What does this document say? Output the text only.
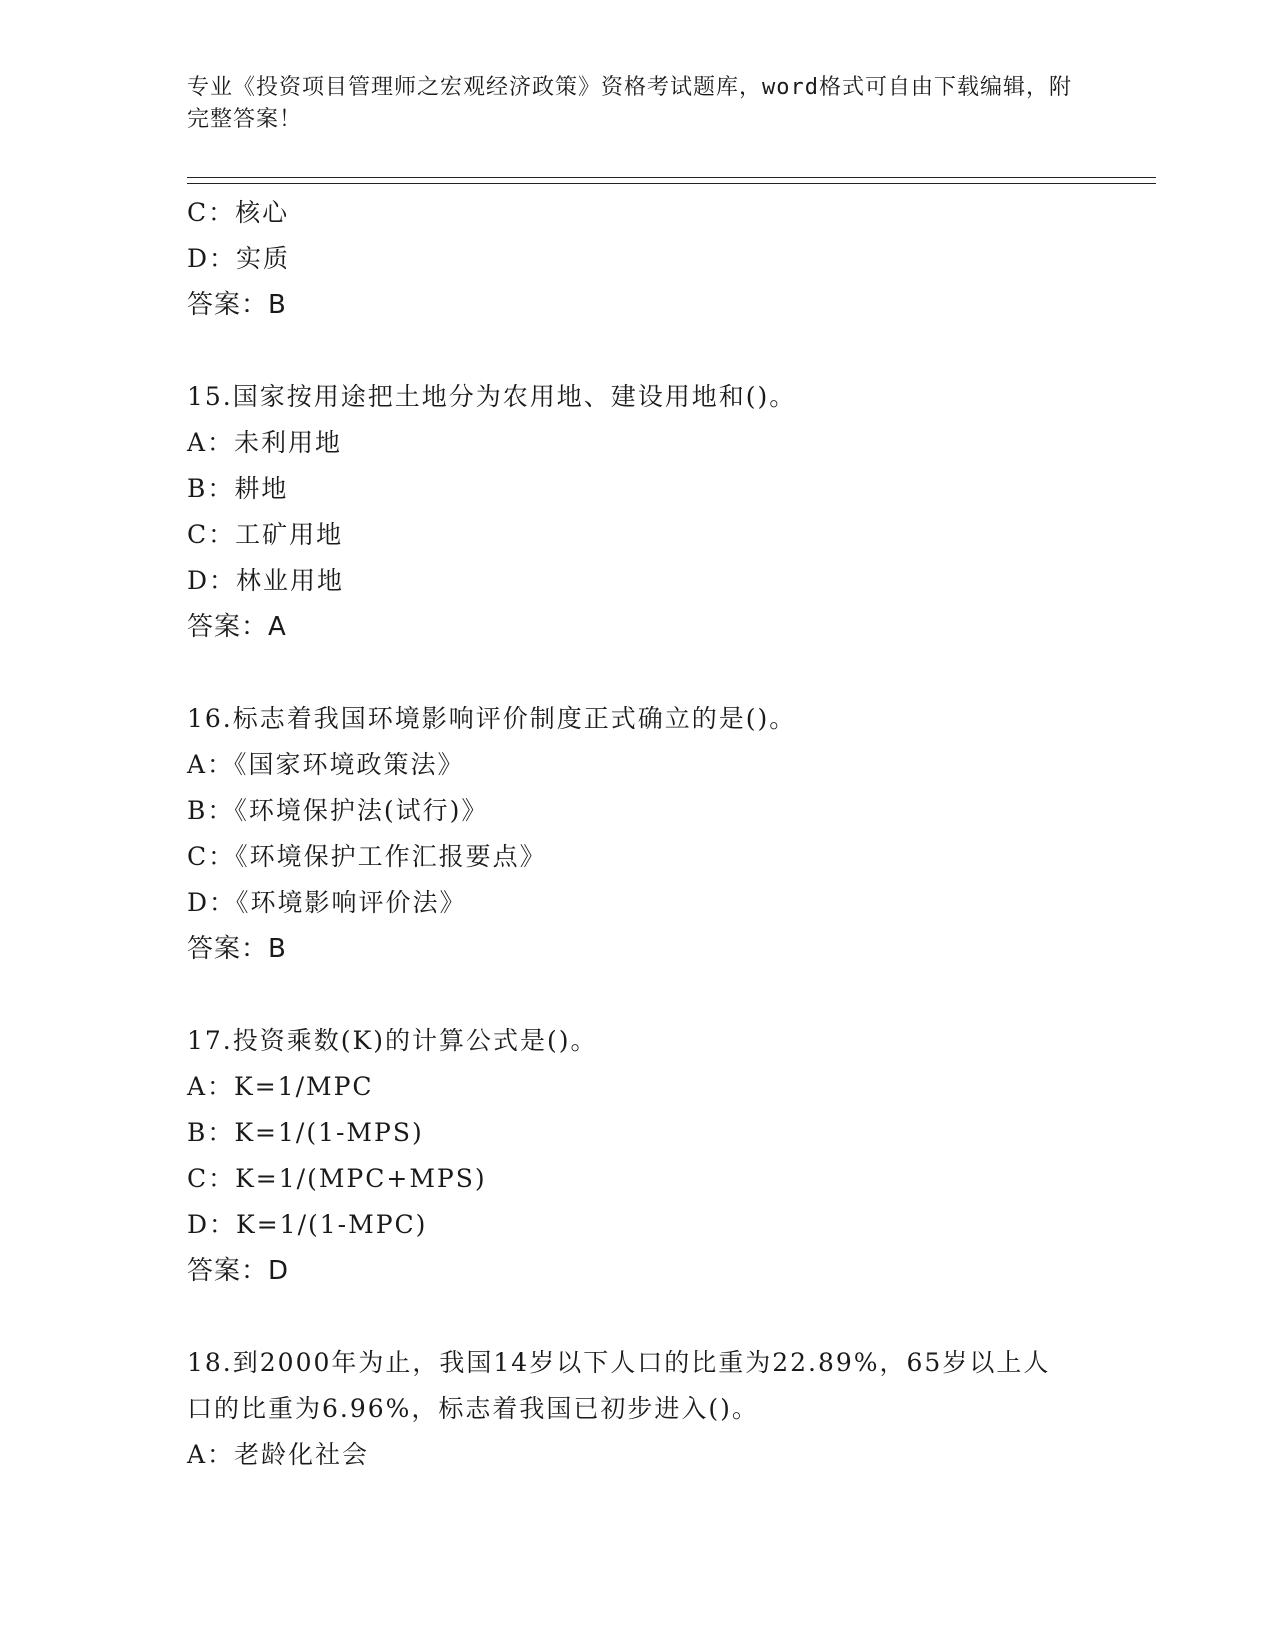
专业《投资项目管理师之宏观经济政策》资格考试题库，word格式可自由下载编辑，附完整答案！
C：核心
D：实质
答案：B
15.国家按用途把土地分为农用地、建设用地和()。
A：未利用地
B：耕地
C：工矿用地
D：林业用地
答案：A
16.标志着我国环境影响评价制度正式确立的是()。
A：《国家环境政策法》
B：《环境保护法(试行)》
C：《环境保护工作汇报要点》
D：《环境影响评价法》
答案：B
17.投资乘数(K)的计算公式是()。
A：K=1/MPC
B：K=1/(1-MPS)
C：K=1/(MPC+MPS)
D：K=1/(1-MPC)
答案：D
18.到2000年为止，我国14岁以下人口的比重为22.89%，65岁以上人口的比重为6.96%，标志着我国已初步进入()。
A：老龄化社会
